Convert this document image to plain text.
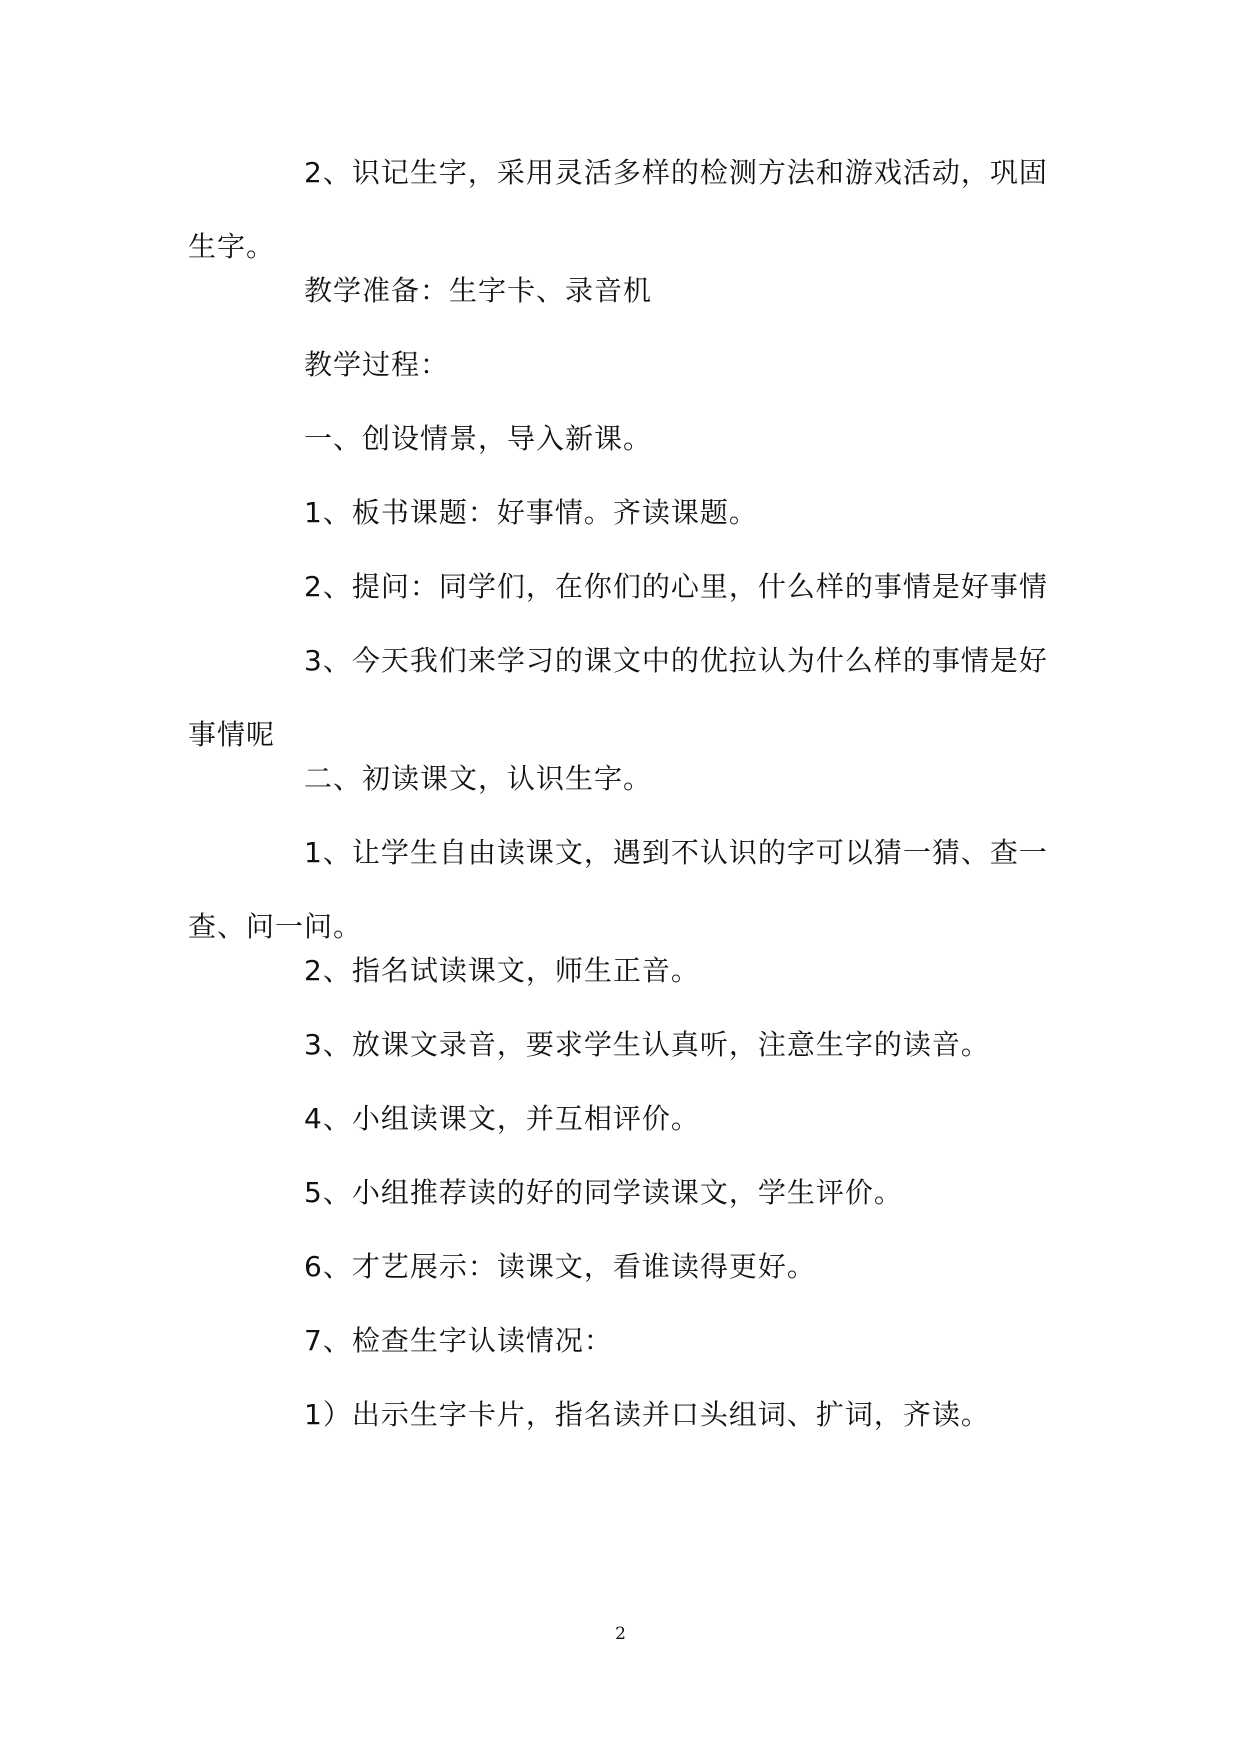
2、识记生字，采用灵活多样的检测方法和游戏活动，巩固生字。

教学准备：生字卡、录音机

教学过程：

一、创设情景，导入新课。

1、板书课题：好事情。齐读课题。

2、提问：同学们，在你们的心里，什么样的事情是好事情

3、今天我们来学习的课文中的优拉认为什么样的事情是好事情呢

二、初读课文，认识生字。

1、让学生自由读课文，遇到不认识的字可以猜一猜、查一查、问一问。

2、指名试读课文，师生正音。

3、放课文录音，要求学生认真听，注意生字的读音。

4、小组读课文，并互相评价。

5、小组推荐读的好的同学读课文，学生评价。

6、才艺展示：读课文，看谁读得更好。

7、检查生字认读情况：

1）出示生字卡片，指名读并口头组词、扩词，齐读。

2
